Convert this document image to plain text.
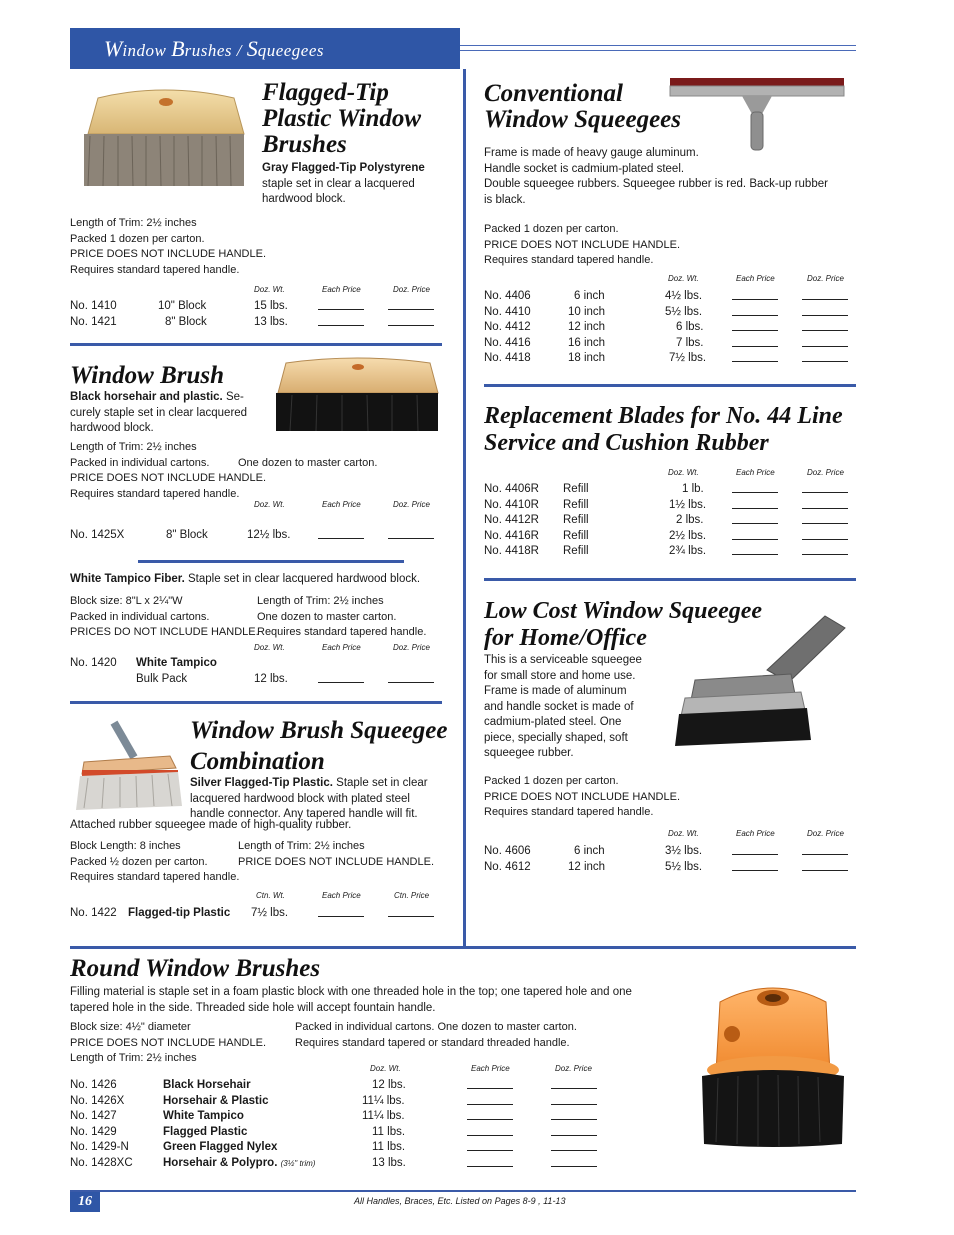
Window Brushes / Squeegees
Flagged-Tip
Plastic Window
Brushes
Gray Flagged-Tip Polystyrene
staple set in clear a lacquered
hardwood block.
Length of Trim: 2½ inches
Packed 1 dozen per carton.
PRICE DOES NOT INCLUDE HANDLE.
Requires standard tapered handle.
Doz. Wt.	Each Price	Doz. Price
No. 1410	10" Block	15 lbs.
No. 1421	8" Block	13 lbs.
Window Brush
Black horsehair and plastic. Se-
curely staple set in clear lacquered
hardwood block.
Length of Trim: 2½ inches
Packed in individual cartons.	One dozen to master carton.
PRICE DOES NOT INCLUDE HANDLE.
Requires standard tapered handle.
Doz. Wt.	Each Price	Doz. Price
No. 1425X	8" Block	12½ lbs.
White Tampico Fiber. Staple set in clear lacquered hardwood block.
Block size: 8"L x 2¼"W
Packed in individual cartons.
PRICES DO NOT INCLUDE HANDLE.
Length of Trim: 2½ inches
One dozen to master carton.
Requires standard tapered handle.
Doz. Wt.	Each Price	Doz. Price
No. 1420 White Tampico
Bulk Pack	12 lbs.
Window Brush Squeegee
Combination
Silver Flagged-Tip Plastic. Staple set in clear
lacquered hardwood block with plated steel
handle connector. Any tapered handle will fit.
Attached rubber squeegee made of high-quality rubber.
Block Length: 8 inches
Packed ½ dozen per carton.
Requires standard tapered handle.
Length of Trim: 2½ inches
PRICE DOES NOT INCLUDE HANDLE.
Ctn. Wt.	Each Price	Ctn. Price
No. 1422 Flagged-tip Plastic 7½ lbs.
Conventional
Window Squeegees
Frame is made of heavy gauge aluminum.
Handle socket is cadmium-plated steel.
Double squeegee rubbers. Squeegee rubber is red. Back-up rubber
is black.
Packed 1 dozen per carton.
PRICE DOES NOT INCLUDE HANDLE.
Requires standard tapered handle.
Doz. Wt.	Each Price	Doz. Price
No. 4406	6 inch	4½ lbs.
No. 4410	10 inch	5½ lbs.
No. 4412	12 inch	6 lbs.
No. 4416	16 inch	7 lbs.
No. 4418	18 inch	7½ lbs.
Replacement Blades for No. 44 Line
Service and Cushion Rubber
Doz. Wt.	Each Price	Doz. Price
No. 4406R Refill	1 lb.
No. 4410R Refill	1½ lbs.
No. 4412R Refill	2 lbs.
No. 4416R Refill	2½ lbs.
No. 4418R Refill	2¾ lbs.
Low Cost Window Squeegee
for Home/Office
This is a serviceable squeegee
for small store and home use.
Frame is made of aluminum
and handle socket is made of
cadmium-plated steel. One
piece, specially shaped, soft
squeegee rubber.
Packed 1 dozen per carton.
PRICE DOES NOT INCLUDE HANDLE.
Requires standard tapered handle.
Doz. Wt.	Each Price	Doz. Price
No. 4606	6 inch	3½ lbs.
No. 4612	12 inch	5½ lbs.
Round Window Brushes
Filling material is staple set in a foam plastic block with one threaded hole in the top; one tapered hole and one
tapered hole in the side. Threaded side hole will accept fountain handle.
Block size: 4½" diameter
PRICE DOES NOT INCLUDE HANDLE.
Length of Trim: 2½ inches
Packed in individual cartons. One dozen to master carton.
Requires standard tapered or standard threaded handle.
Doz. Wt.	Each Price	Doz. Price
No. 1426	Black Horsehair	12 lbs.
No. 1426X	Horsehair & Plastic	11¼ lbs.
No. 1427	White Tampico	11¼ lbs.
No. 1429	Flagged Plastic	11 lbs.
No. 1429-N	Green Flagged Nylex	11 lbs.
No. 1428XC	Horsehair & Polypro. (3½" trim)	13 lbs.
16	All Handles, Braces, Etc. Listed on Pages 8-9 , 11-13
